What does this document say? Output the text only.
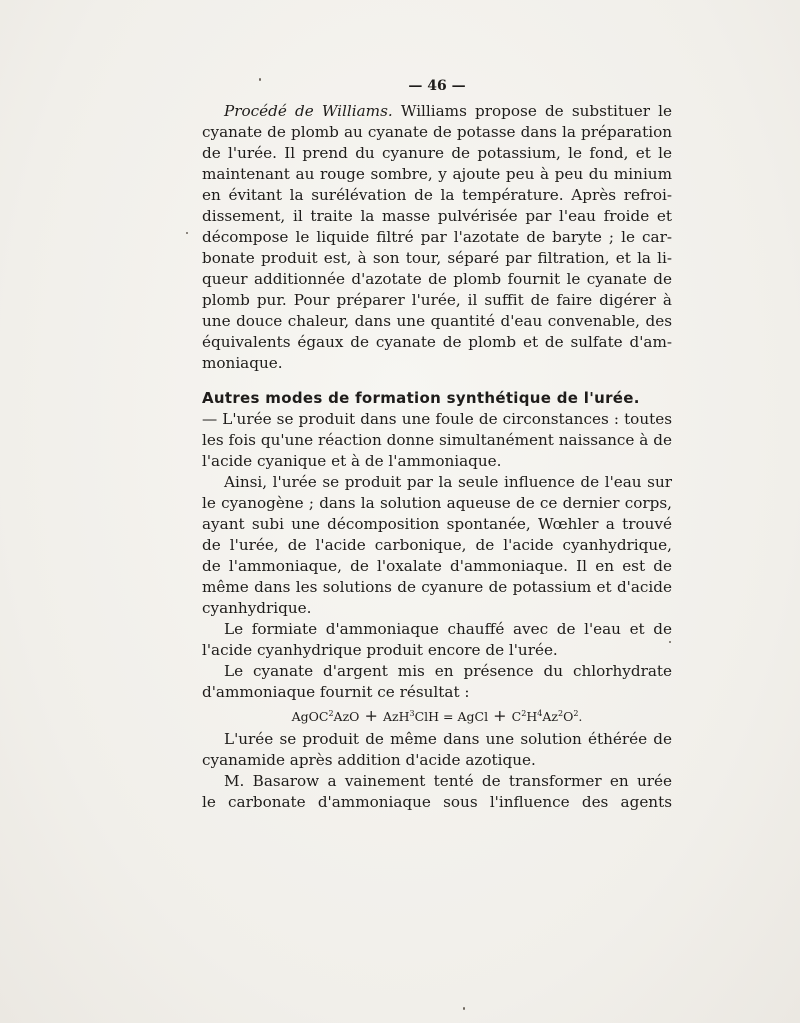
— 46 —
Procédé de Williams. Williams propose de substituer le
cyanate de plomb au cyanate de potasse dans la préparation
de l'urée. Il prend du cyanure de potassium, le fond, et le
maintenant au rouge sombre, y ajoute peu à peu du minium
en évitant la surélévation de la température. Après refroi-
dissement, il traite la masse pulvérisée par l'eau froide et
décompose le liquide filtré par l'azotate de baryte ; le car-
bonate produit est, à son tour, séparé par filtration, et la li-
queur additionnée d'azotate de plomb fournit le cyanate de
plomb pur. Pour préparer l'urée, il suffit de faire digérer à
une douce chaleur, dans une quantité d'eau convenable, des
équivalents égaux de cyanate de plomb et de sulfate d'am-
moniaque.
Autres modes de formation synthétique de l'urée.
— L'urée se produit dans une foule de circonstances : toutes
les fois qu'une réaction donne simultanément naissance à de
l'acide cyanique et à de l'ammoniaque.
Ainsi, l'urée se produit par la seule influence de l'eau sur
le cyanogène ; dans la solution aqueuse de ce dernier corps,
ayant subi une décomposition spontanée, Wœhler a trouvé
de l'urée, de l'acide carbonique, de l'acide cyanhydrique,
de l'ammoniaque, de l'oxalate d'ammoniaque. Il en est de
même dans les solutions de cyanure de potassium et d'acide
cyanhydrique.
Le formiate d'ammoniaque chauffé avec de l'eau et de
l'acide cyanhydrique produit encore de l'urée.
Le cyanate d'argent mis en présence du chlorhydrate
d'ammoniaque fournit ce résultat :
AgOC$^2$AzO + AzH$^3$ClH = AgCl + $C^2H^4Az^2O^2$.
L'urée se produit de même dans une solution éthérée de
cyanamide après addition d'acide azotique.
M. Basarow a vainement tenté de transformer en urée
le carbonate d'ammoniaque sous l'influence des agents
